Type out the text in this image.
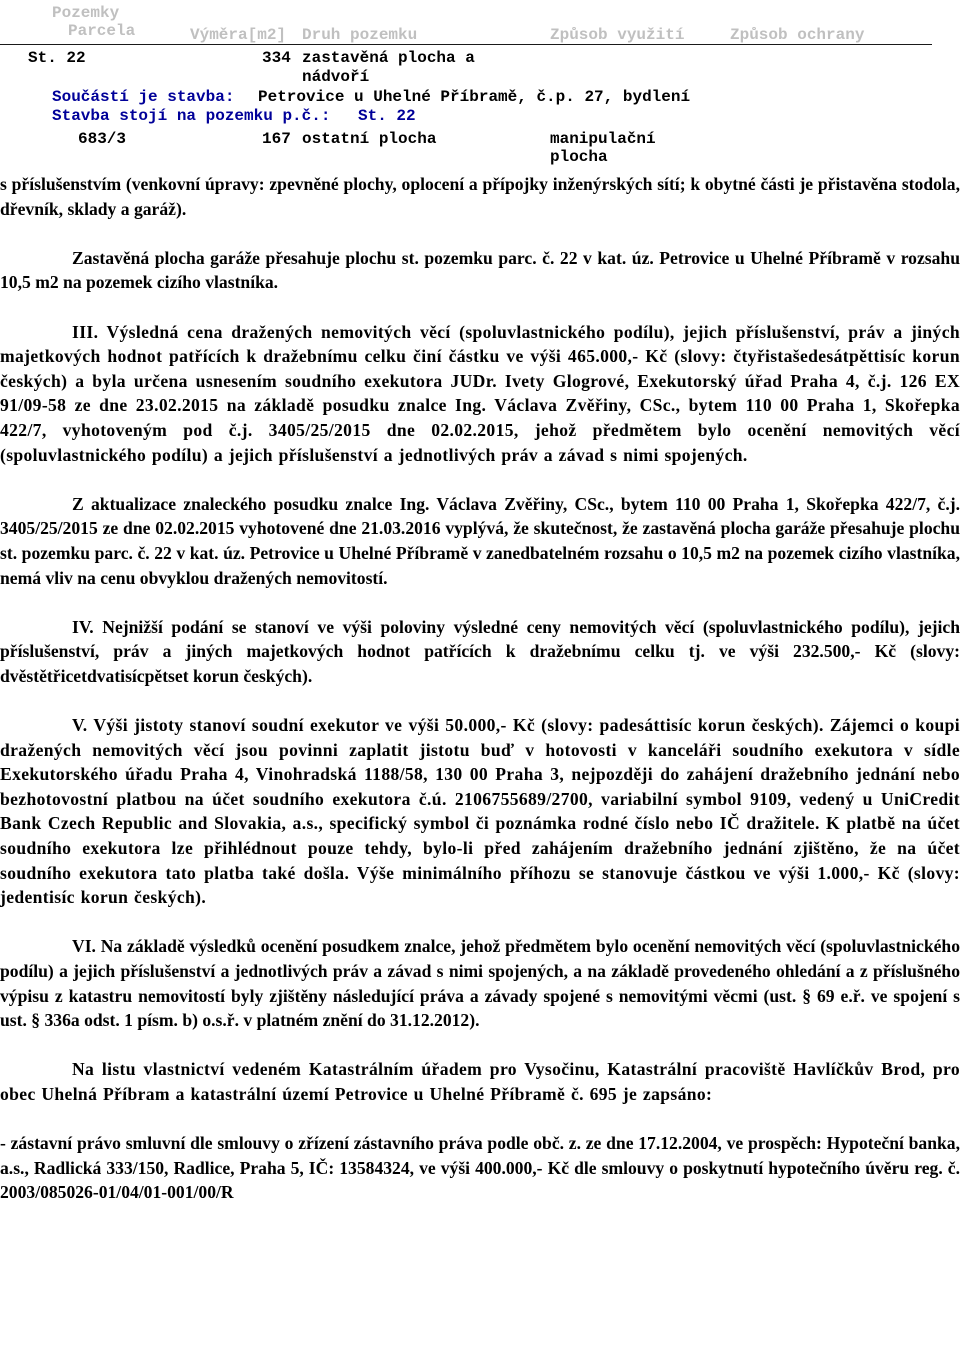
Pozemky
Parcela	Výměra[m2] Druh pozemku	Způsob využití	Způsob ochrany
St. 22	334 zastavěná plocha a
nádvoří
Součástí je stavba: Petrovice u Uhelné Příbramě, č.p. 27, bydlení
Stavba stojí na pozemku p.č.: St. 22
683/3	167 ostatní plocha	manipulační
plocha

s příslušenstvím (venkovní úpravy: zpevněné plochy, oplocení a přípojky inženýrských sítí; k obytné části je přistavěna stodola, dřevník, sklady a garáž).

Zastavěná plocha garáže přesahuje plochu st. pozemku parc. č. 22 v kat. úz. Petrovice u Uhelné Příbramě v rozsahu 10,5 m2 na pozemek cizího vlastníka.

III. Výsledná cena dražených nemovitých věcí (spoluvlastnického podílu), jejich příslušenství, práv a jiných majetkových hodnot patřících k dražebnímu celku činí částku ve výši 465.000,- Kč (slovy: čtyřistašedesátpěttisíc korun českých) a byla určena usnesením soudního exekutora JUDr. Ivety Glogrové, Exekutorský úřad Praha 4, č.j. 126 EX 91/09-58 ze dne 23.02.2015 na základě posudku znalce Ing. Václava Zvěřiny, CSc., bytem 110 00 Praha 1, Skořepka 422/7, vyhotoveným pod č.j. 3405/25/2015 dne 02.02.2015, jehož předmětem bylo ocenění nemovitých věcí (spoluvlastnického podílu) a jejich příslušenství a jednotlivých práv a závad s nimi spojených.

Z aktualizace znaleckého posudku znalce Ing. Václava Zvěřiny, CSc., bytem 110 00 Praha 1, Skořepka 422/7, č.j. 3405/25/2015 ze dne 02.02.2015 vyhotovené dne 21.03.2016 vyplývá, že skutečnost, že zastavěná plocha garáže přesahuje plochu st. pozemku parc. č. 22 v kat. úz. Petrovice u Uhelné Příbramě v zanedbatelném rozsahu o 10,5 m2 na pozemek cizího vlastníka, nemá vliv na cenu obvyklou dražených nemovitostí.

IV. Nejnižší podání se stanoví ve výši poloviny výsledné ceny nemovitých věcí (spoluvlastnického podílu), jejich příslušenství, práv a jiných majetkových hodnot patřících k dražebnímu celku tj. ve výši 232.500,- Kč (slovy: dvěstětřicetdvatisícpětset korun českých).

V. Výši jistoty stanoví soudní exekutor ve výši 50.000,- Kč (slovy: padesáttisíc korun českých). Zájemci o koupi dražených nemovitých věcí jsou povinni zaplatit jistotu buď v hotovosti v kanceláři soudního exekutora v sídle Exekutorského úřadu Praha 4, Vinohradská 1188/58, 130 00 Praha 3, nejpozději do zahájení dražebního jednání nebo bezhotovostní platbou na účet soudního exekutora č.ú. 2106755689/2700, variabilní symbol 9109, vedený u UniCredit Bank Czech Republic and Slovakia, a.s., specifický symbol či poznámka rodné číslo nebo IČ dražitele. K platbě na účet soudního exekutora lze přihlédnout pouze tehdy, bylo-li před zahájením dražebního jednání zjištěno, že na účet soudního exekutora tato platba také došla. Výše minimálního příhozu se stanovuje částkou ve výši 1.000,- Kč (slovy: jedentisíc korun českých).

VI. Na základě výsledků ocenění posudkem znalce, jehož předmětem bylo ocenění nemovitých věcí (spoluvlastnického podílu) a jejich příslušenství a jednotlivých práv a závad s nimi spojených, a na základě provedeného ohledání a z příslušného výpisu z katastru nemovitostí byly zjištěny následující práva a závady spojené s nemovitými věcmi (ust. § 69 e.ř. ve spojení s ust. § 336a odst. 1 písm. b) o.s.ř. v platném znění do 31.12.2012).

Na listu vlastnictví vedeném Katastrálním úřadem pro Vysočinu, Katastrální pracoviště Havlíčkův Brod, pro obec Uhelná Příbram a katastrální území Petrovice u Uhelné Příbramě č. 695 je zapsáno:

- zástavní právo smluvní dle smlouvy o zřízení zástavního práva podle obč. z. ze dne 17.12.2004, ve prospěch: Hypoteční banka, a.s., Radlická 333/150, Radlice, Praha 5, IČ: 13584324, ve výši 400.000,- Kč dle smlouvy o poskytnutí hypotečního úvěru reg. č. 2003/085026-01/04/01-001/00/R
